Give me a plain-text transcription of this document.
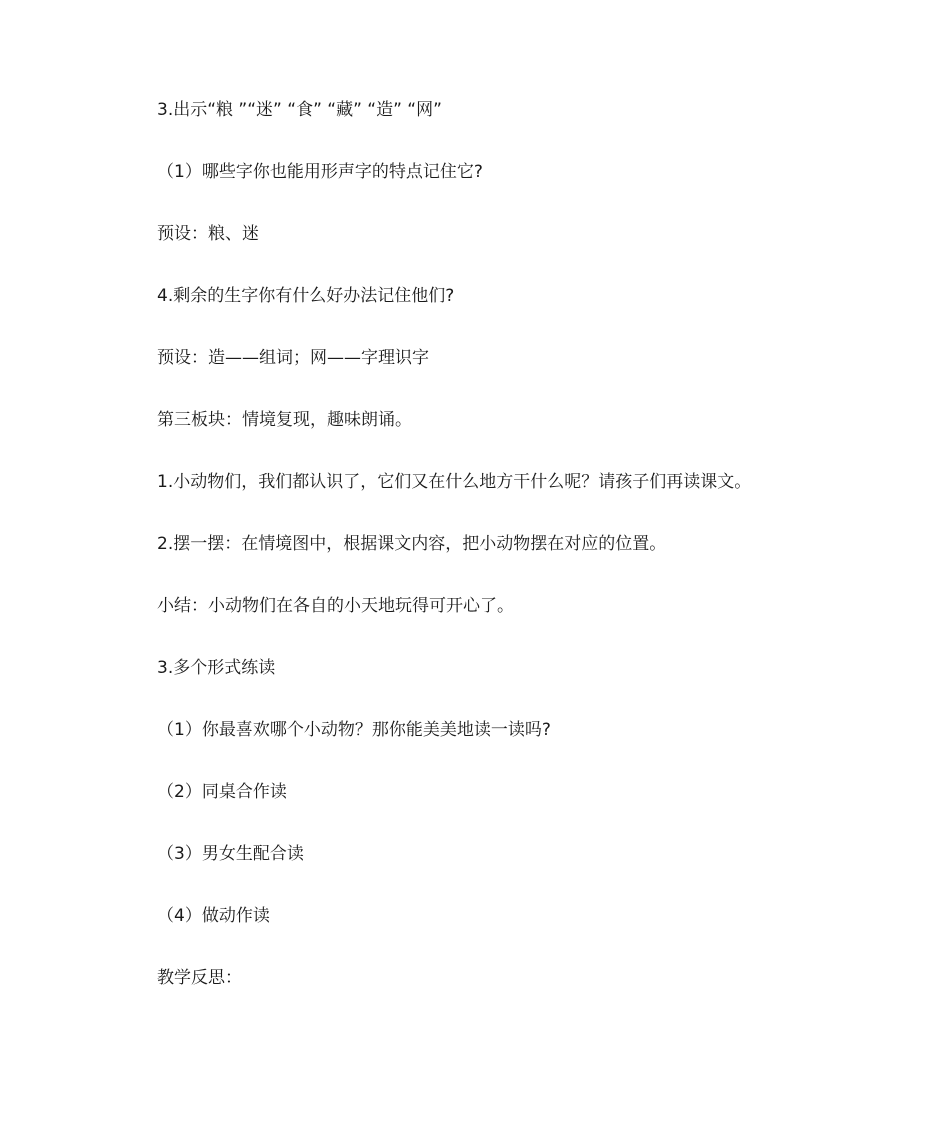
3.出示“粮 ”“迷” “食” “藏” “造” “网”

（1）哪些字你也能用形声字的特点记住它?

预设：粮、迷

4.剩余的生字你有什么好办法记住他们?

预设：造——组词；网——字理识字

第三板块：情境复现，趣味朗诵。

1.小动物们，我们都认识了，它们又在什么地方干什么呢？请孩子们再读课文。

2.摆一摆：在情境图中，根据课文内容，把小动物摆在对应的位置。

小结：小动物们在各自的小天地玩得可开心了。

3.多个形式练读

（1）你最喜欢哪个小动物？那你能美美地读一读吗?

（2）同桌合作读

（3）男女生配合读

（4）做动作读

教学反思：
